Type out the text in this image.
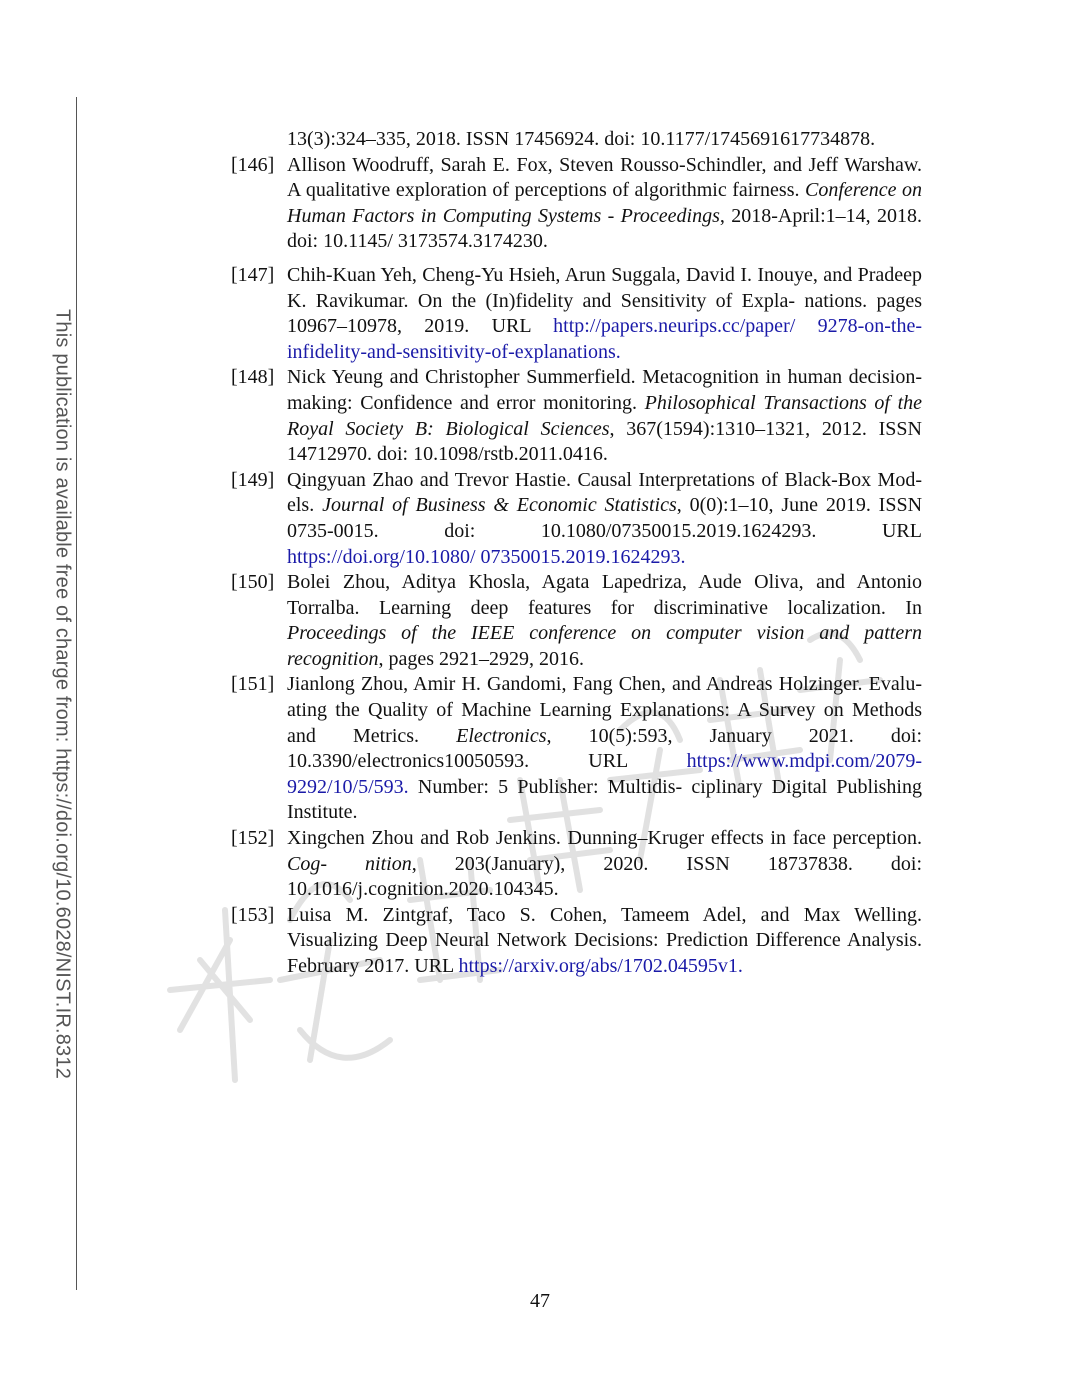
This publication is available free of charge from: https://doi.org/10.6028/NIST.IR.8312
13(3):324–335, 2018. ISSN 17456924. doi: 10.1177/1745691617734878.
[146] Allison Woodruff, Sarah E. Fox, Steven Rousso-Schindler, and Jeff Warshaw. A qualitative exploration of perceptions of algorithmic fairness. Conference on Human Factors in Computing Systems - Proceedings, 2018-April:1–14, 2018. doi: 10.1145/ 3173574.3174230.
[147] Chih-Kuan Yeh, Cheng-Yu Hsieh, Arun Suggala, David I. Inouye, and Pradeep K. Ravikumar. On the (In)fidelity and Sensitivity of Expla- nations. pages 10967–10978, 2019. URL http://papers.neurips.cc/paper/ 9278-on-the-infidelity-and-sensitivity-of-explanations.
[148] Nick Yeung and Christopher Summerfield. Metacognition in human decision- making: Confidence and error monitoring. Philosophical Transactions of the Royal Society B: Biological Sciences, 367(1594):1310–1321, 2012. ISSN 14712970. doi: 10.1098/rstb.2011.0416.
[149] Qingyuan Zhao and Trevor Hastie. Causal Interpretations of Black-Box Mod- els. Journal of Business & Economic Statistics, 0(0):1–10, June 2019. ISSN 0735-0015. doi: 10.1080/07350015.2019.1624293. URL https://doi.org/10.1080/ 07350015.2019.1624293.
[150] Bolei Zhou, Aditya Khosla, Agata Lapedriza, Aude Oliva, and Antonio Torralba. Learning deep features for discriminative localization. In Proceedings of the IEEE conference on computer vision and pattern recognition, pages 2921–2929, 2016.
[151] Jianlong Zhou, Amir H. Gandomi, Fang Chen, and Andreas Holzinger. Evalu- ating the Quality of Machine Learning Explanations: A Survey on Methods and Metrics. Electronics, 10(5):593, January 2021. doi: 10.3390/electronics10050593. URL https://www.mdpi.com/2079-9292/10/5/593. Number: 5 Publisher: Multidis- ciplinary Digital Publishing Institute.
[152] Xingchen Zhou and Rob Jenkins. Dunning–Kruger effects in face perception. Cog- nition, 203(January), 2020. ISSN 18737838. doi: 10.1016/j.cognition.2020.104345.
[153] Luisa M. Zintgraf, Taco S. Cohen, Tameem Adel, and Max Welling. Visualizing Deep Neural Network Decisions: Prediction Difference Analysis. February 2017. URL https://arxiv.org/abs/1702.04595v1.
47
